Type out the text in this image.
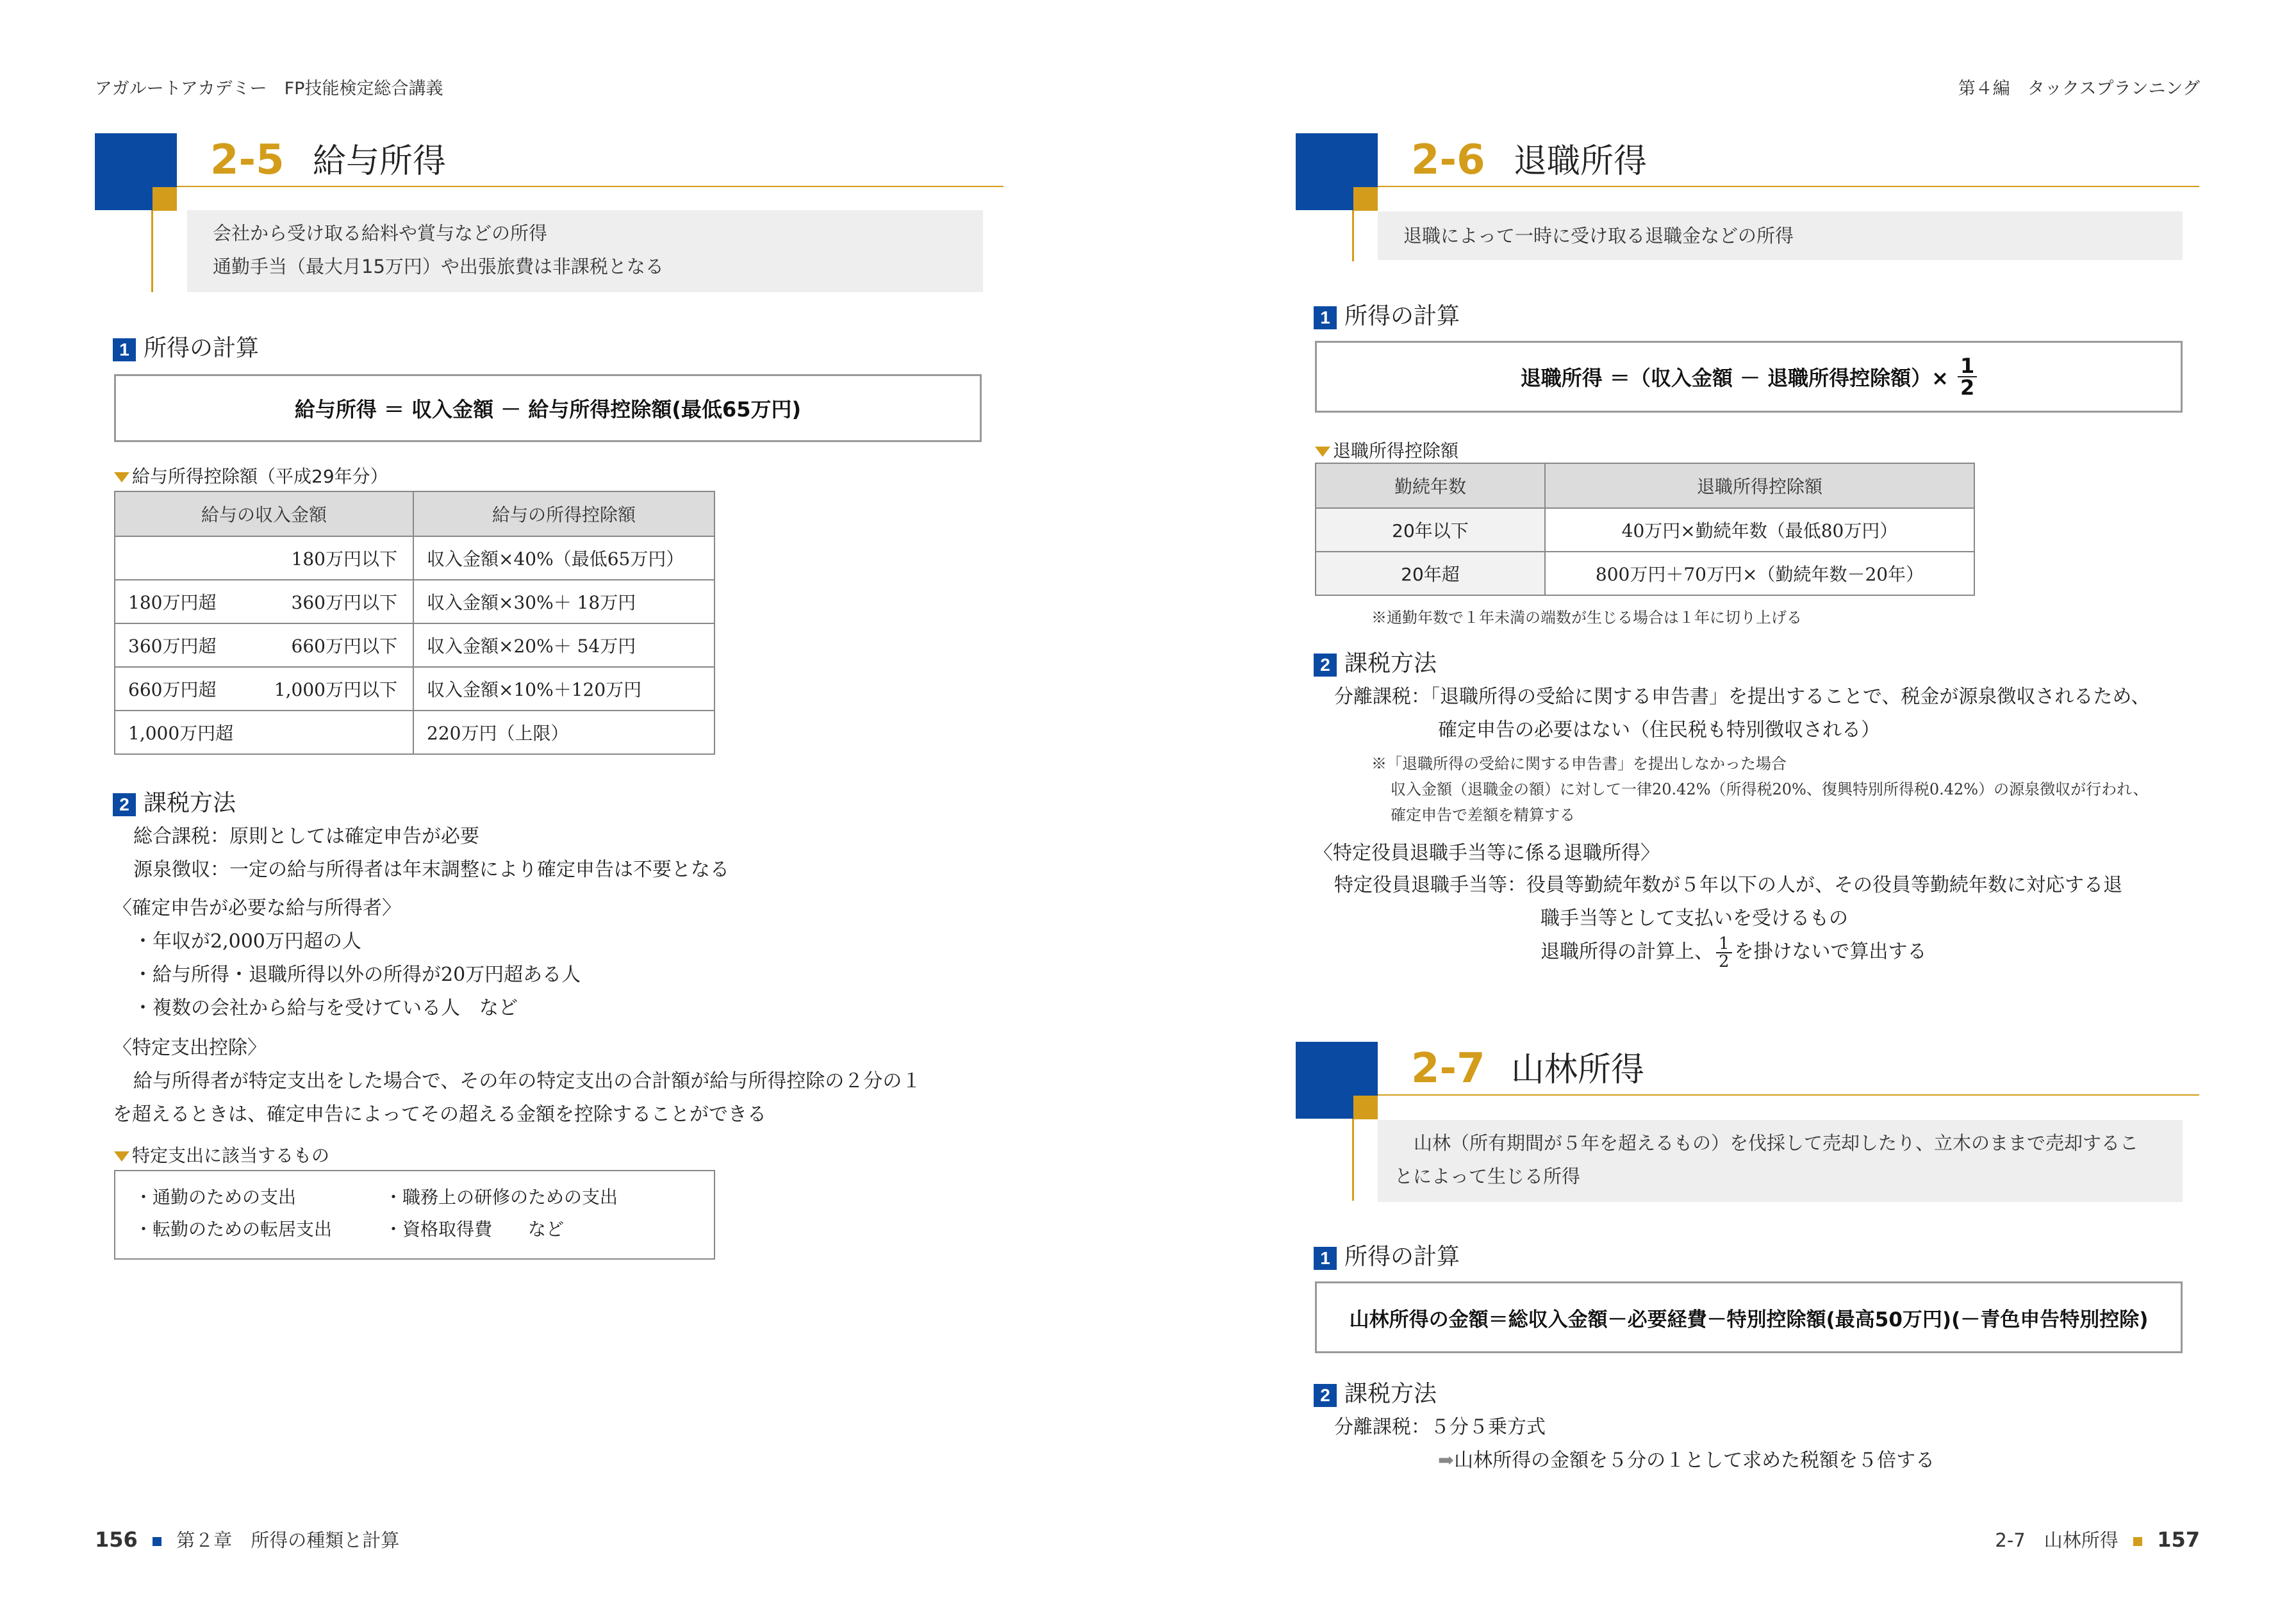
アガルートアカデミー　FP技能検定総合講義	第４編　タックスプランニング
2-5 給与所得
会社から受け取る給料や賞与などの所得
通勤手当（最大月15万円）や出張旅費は非課税となる
1 所得の計算
給与所得 ＝ 収入金額 － 給与所得控除額(最低65万円)
給与所得控除額（平成29年分）
給与の収入金額	給与の所得控除額
180万円以下	収入金額×40%（最低65万円）
180万円超 360万円以下	収入金額×30%＋ 18万円
360万円超 660万円以下	収入金額×20%＋ 54万円
660万円超 1,000万円以下	収入金額×10%＋120万円
1,000万円超	220万円（上限）
2 課税方法
総合課税：原則としては確定申告が必要
源泉徴収：一定の給与所得者は年末調整により確定申告は不要となる
〈確定申告が必要な給与所得者〉
・年収が2,000万円超の人
・給与所得・退職所得以外の所得が20万円超ある人
・複数の会社から給与を受けている人　など
〈特定支出控除〉
給与所得者が特定支出をした場合で、その年の特定支出の合計額が給与所得控除の２分の１
を超えるときは、確定申告によってその超える金額を控除することができる
特定支出に該当するもの
・通勤のための支出	・職務上の研修のための支出
・転勤のための転居支出	・資格取得費　　など
2-6 退職所得
退職によって一時に受け取る退職金などの所得
1 所得の計算
退職所得 ＝（収入金額 － 退職所得控除額）× $\frac{1}{2}$
退職所得控除額
勤続年数	退職所得控除額
20年以下	40万円×勤続年数（最低80万円）
20年超	800万円＋70万円×（勤続年数－20年）
※通勤年数で１年未満の端数が生じる場合は１年に切り上げる
2 課税方法
分離課税：「退職所得の受給に関する申告書」を提出することで、税金が源泉徴収されるため、
確定申告の必要はない（住民税も特別徴収される）
※「退職所得の受給に関する申告書」を提出しなかった場合
収入金額（退職金の額）に対して一律20.42%（所得税20%、復興特別所得税0.42%）の源泉徴収が行われ、
確定申告で差額を精算する
〈特定役員退職手当等に係る退職所得〉
特定役員退職手当等：役員等勤続年数が５年以下の人が、その役員等勤続年数に対応する退
職手当等として支払いを受けるもの
退職所得の計算上、 $\frac{1}{2}$ を掛けないで算出する
2-7 山林所得
山林（所有期間が５年を超えるもの）を伐採して売却したり、立木のままで売却するこ
とによって生じる所得
1 所得の計算
山林所得の金額＝総収入金額－必要経費－特別控除額(最高50万円)(－青色申告特別控除)
2 課税方法
分離課税：５分５乗方式
➡山林所得の金額を５分の１として求めた税額を５倍する
156 第２章　所得の種類と計算	2-7　山林所得 157
